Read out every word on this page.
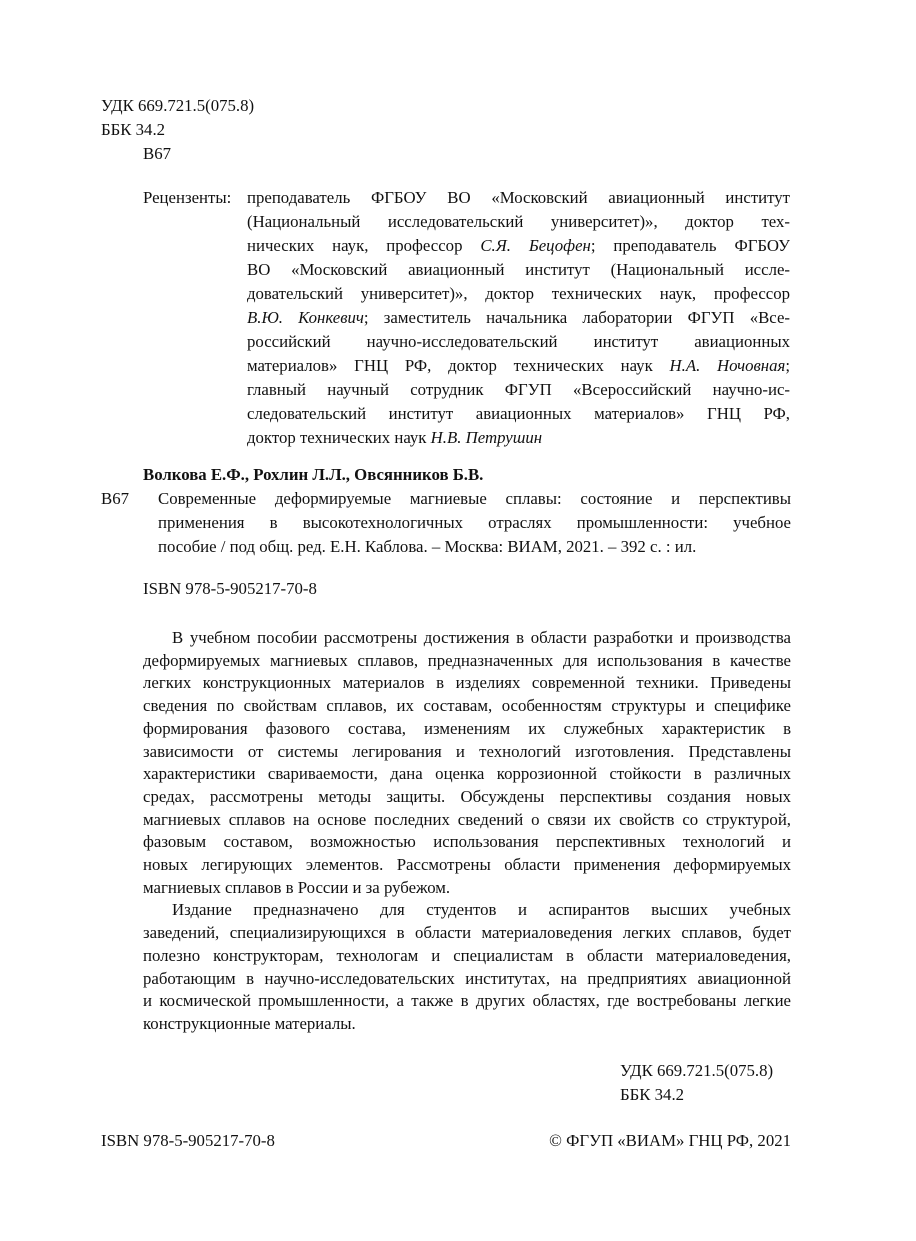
УДК 669.721.5(075.8)
ББК 34.2
В67
Рецензенты: преподаватель ФГБОУ ВО «Московский авиационный институт
(Национальный исследовательский университет)», доктор тех-
нических наук, профессор С.Я. Бецофен; преподаватель ФГБОУ
ВО «Московский авиационный институт (Национальный иссле-
довательский университет)», доктор технических наук, профессор
В.Ю. Конкевич; заместитель начальника лаборатории ФГУП «Все-
российский научно-исследовательский институт авиационных
материалов» ГНЦ РФ, доктор технических наук Н.А. Ночовная;
главный научный сотрудник ФГУП «Всероссийский научно-ис-
следовательский институт авиационных материалов» ГНЦ РФ,
доктор технических наук Н.В. Петрушин
Волкова Е.Ф., Рохлин Л.Л., Овсянников Б.В.
В67 Современные деформируемые магниевые сплавы: состояние и перспективы
применения в высокотехнологичных отраслях промышленности: учебное
пособие / под общ. ред. Е.Н. Каблова. – Москва: ВИАМ, 2021. – 392 с. : ил.
ISBN 978-5-905217-70-8
В учебном пособии рассмотрены достижения в области разработки и производства
деформируемых магниевых сплавов, предназначенных для использования в качестве
легких конструкционных материалов в изделиях современной техники. Приведены
сведения по свойствам сплавов, их составам, особенностям структуры и специфике
формирования фазового состава, изменениям их служебных характеристик в
зависимости от системы легирования и технологий изготовления. Представлены
характеристики свариваемости, дана оценка коррозионной стойкости в различных
средах, рассмотрены методы защиты. Обсуждены перспективы создания новых
магниевых сплавов на основе последних сведений о связи их свойств со структурой,
фазовым составом, возможностью использования перспективных технологий и
новых легирующих элементов. Рассмотрены области применения деформируемых
магниевых сплавов в России и за рубежом.
Издание предназначено для студентов и аспирантов высших учебных
заведений, специализирующихся в области материаловедения легких сплавов, будет
полезно конструкторам, технологам и специалистам в области материаловедения,
работающим в научно-исследовательских институтах, на предприятиях авиационной
и космической промышленности, а также в других областях, где востребованы легкие
конструкционные материалы.
УДК 669.721.5(075.8)
ББК 34.2
ISBN 978-5-905217-70-8	© ФГУП «ВИАМ» ГНЦ РФ, 2021
